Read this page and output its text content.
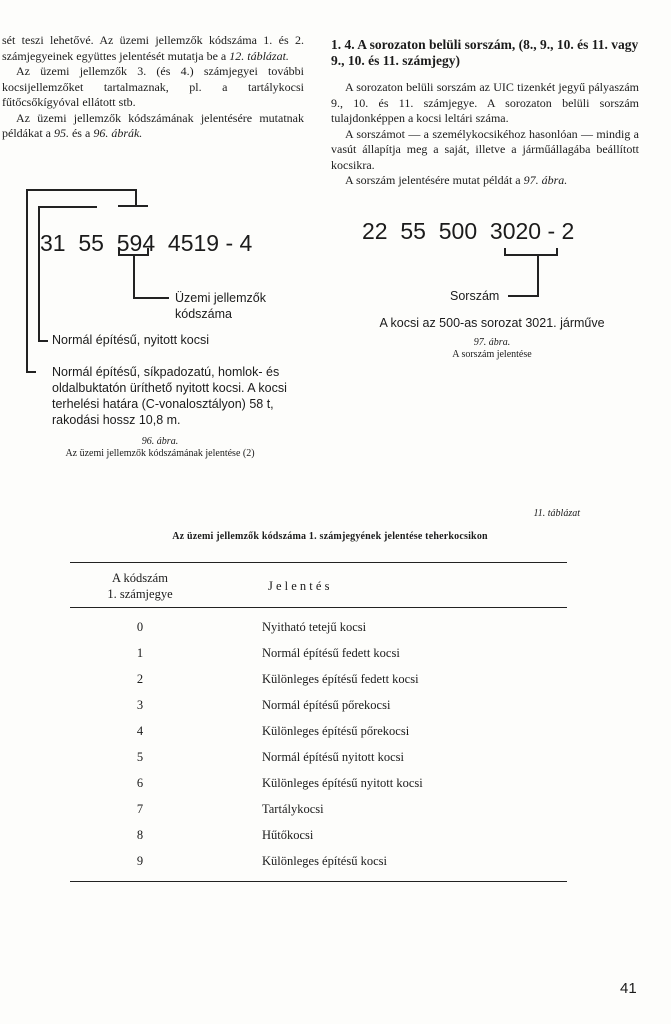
sét teszi lehetővé. Az üzemi jellemzők kódszáma 1. és 2. számjegyeinek együttes jelentését mutatja be a 12. táblázat.

Az üzemi jellemzők 3. (és 4.) számjegyei további kocsijellemzőket tartalmaznak, pl. a tartálykocsi fűtőcsőkígyóval ellátott stb.

Az üzemi jellemzők kódszámának jelentésére mutatnak példákat a 95. és a 96. ábrák.

31 55 594 4519 - 4
Üzemi jellemzők kódszáma
Normál építésű, nyitott kocsi
Normál építésű, síkpadozatú, homlok- és oldalbuktatón üríthető nyitott kocsi. A kocsi terhelési határa (C-vonalosztályon) 58 t, rakodási hossz 10,8 m.
96. ábra.
Az üzemi jellemzők kódszámának jelentése (2)
1. 4. A sorozaton belüli sorszám, (8., 9., 10. és 11. vagy 9., 10. és 11. számjegy)

A sorozaton belüli sorszám az UIC tizenkét jegyű pályaszám 9., 10. és 11. számjegye. A sorozaton belüli sorszám tulajdonképpen a kocsi leltári száma.

A sorszámot — a személykocsikéhoz hasonlóan — mindig a vasút állapítja meg a saját, illetve a járműállagába beállított kocsikra.

A sorszám jelentésére mutat példát a 97. ábra.

22 55 500 3020 - 2
Sorszám
A kocsi az 500-as sorozat 3021. járműve
97. ábra.
A sorszám jelentése
11. táblázat
Az üzemi jellemzők kódszáma 1. számjegyének jelentése teherkocsikon
A kódszám
1. számjegye
J e l e n t é s
0	Nyitható tetejű kocsi
1	Normál építésű fedett kocsi
2	Különleges építésű fedett kocsi
3	Normál építésű pőrekocsi
4	Különleges építésű pőrekocsi
5	Normál építésű nyitott kocsi
6	Különleges építésű nyitott kocsi
7	Tartálykocsi
8	Hűtőkocsi
9	Különleges építésű kocsi
41
